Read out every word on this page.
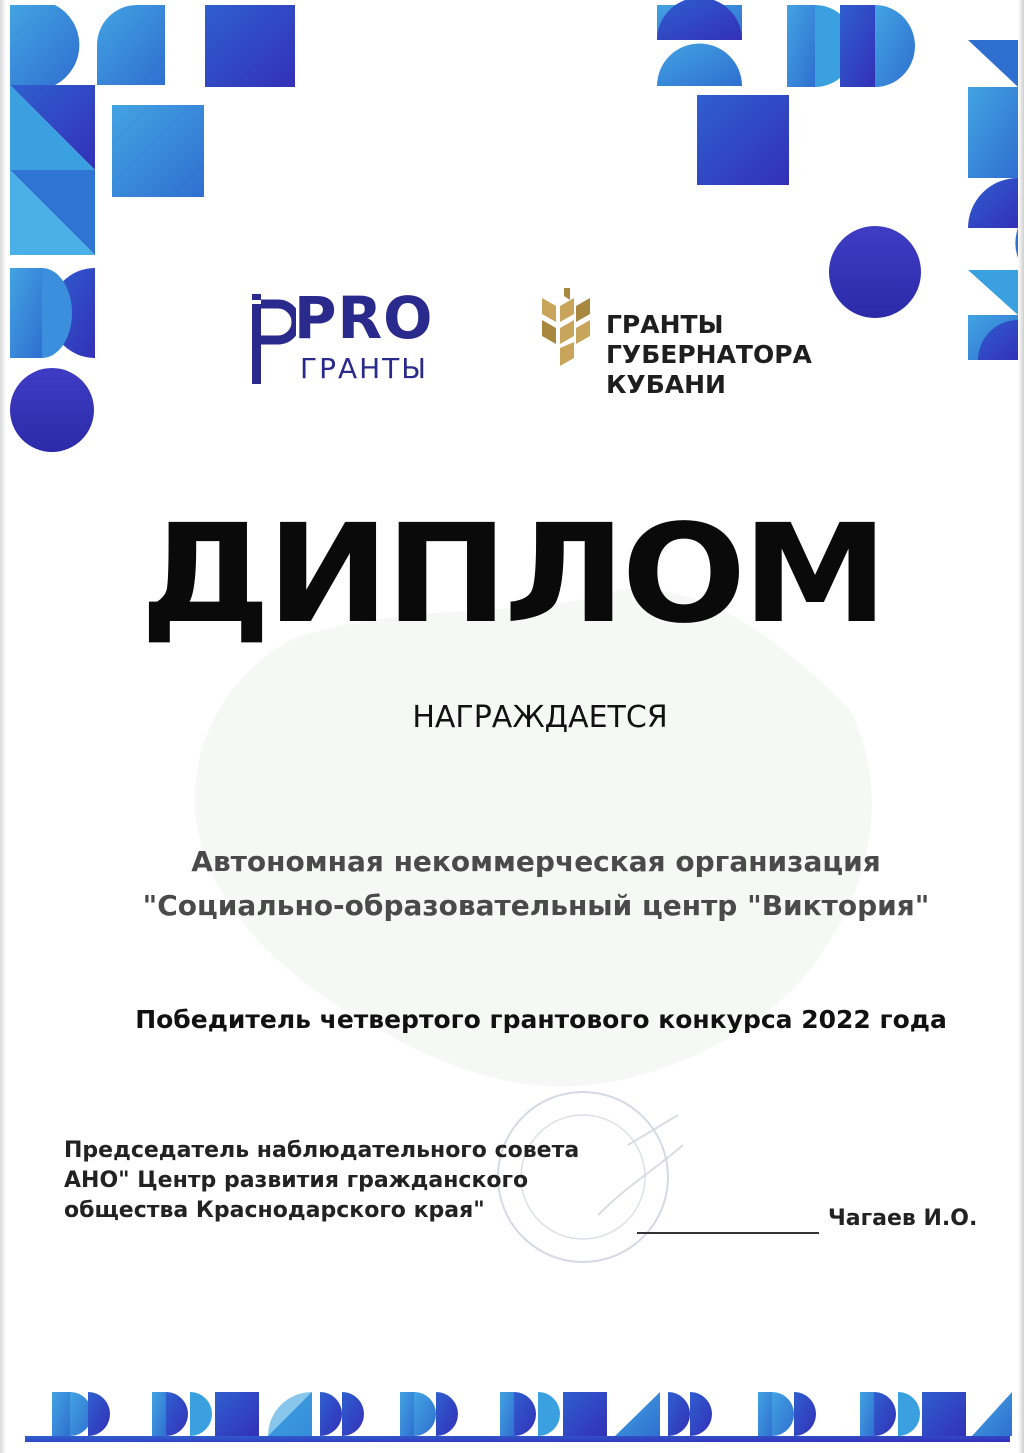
PRO
ГРАНТЫ
ГРАНТЫ
ГУБЕРНАТОРА
КУБАНИ
ДИПЛОМ
НАГРАЖДАЕТСЯ
Автономная некоммерческая организация
"Социально-образовательный центр "Виктория"
Победитель четвертого грантового конкурса 2022 года
Председатель наблюдательного совета
АНО" Центр развития гражданского
общества Краснодарского края"	Чагаев И.О.
